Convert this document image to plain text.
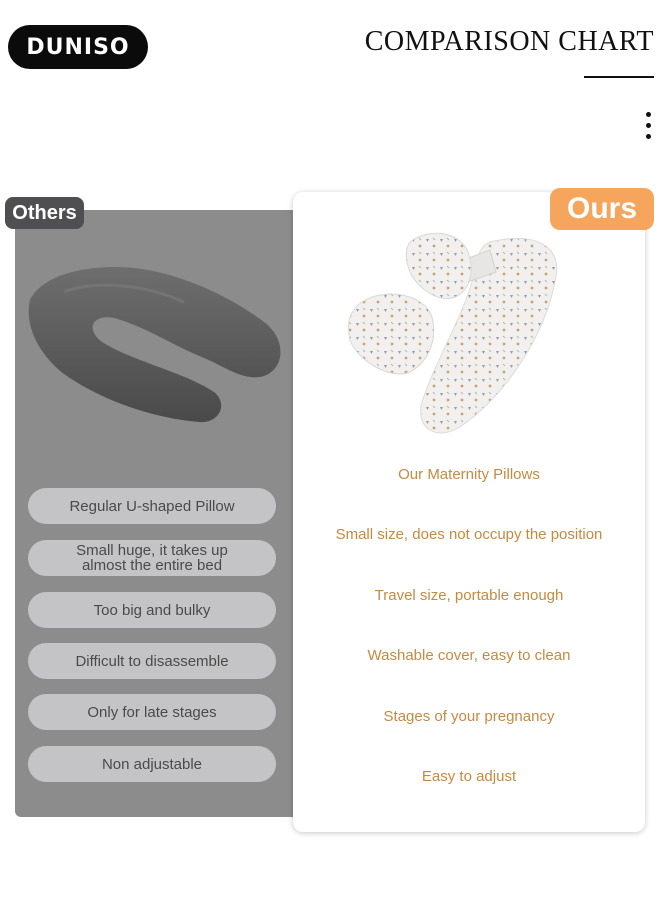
DUNISO	COMPARISON CHART
Others
Regular U-shaped Pillow
Small huge, it takes up
almost the entire bed
Too big and bulky
Difficult to disassemble
Only for late stages
Non adjustable
Ours
Our Maternity Pillows
Small size, does not occupy the position
Travel size, portable enough
Washable cover, easy to clean
Stages of your pregnancy
Easy to adjust
